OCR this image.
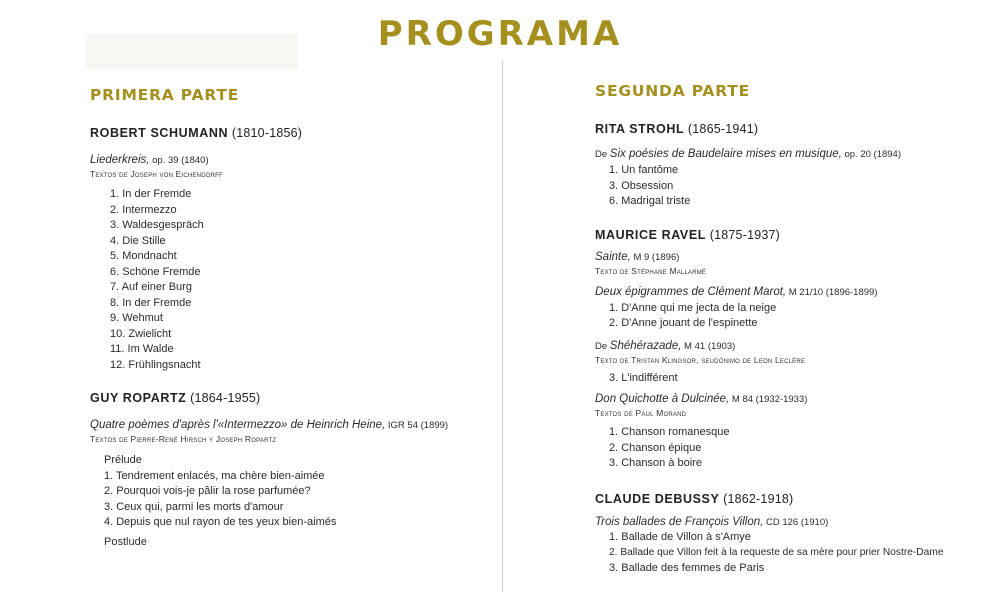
PROGRAMA
PRIMERA PARTE
ROBERT SCHUMANN (1810-1856)
Liederkreis, op. 39 (1840)
Textos de Joseph von Eichendorff
1. In der Fremde
2. Intermezzo
3. Waldesgespräch
4. Die Stille
5. Mondnacht
6. Schöne Fremde
7. Auf einer Burg
8. In der Fremde
9. Wehmut
10. Zwielicht
11. Im Walde
12. Frühlingsnacht
GUY ROPARTZ (1864-1955)
Quatre poèmes d'après l'«Intermezzo» de Heinrich Heine, IGR 54 (1899)
Textos de Pierre-René Hirsch y Joseph Ropartz
Prélude
1. Tendrement enlacés, ma chère bien-aimée
2. Pourquoi vois-je pâlir la rose parfumée?
3. Ceux qui, parmi les morts d'amour
4. Depuis que nul rayon de tes yeux bien-aimés
Postlude
SEGUNDA PARTE
RITA STROHL (1865-1941)
De Six poésies de Baudelaire mises en musique, op. 20 (1894)
1. Un fantôme
3. Obsession
6. Madrigal triste
MAURICE RAVEL (1875-1937)
Sainte, M 9 (1896)
Texto de Stéphane Mallarmé
Deux épigrammes de Clément Marot, M 21/10 (1896-1899)
1. D'Anne qui me jecta de la neige
2. D'Anne jouant de l'espinette
De Shéhérazade, M 41 (1903)
Texto de Tristan Klingsor, seudónimo de Leon Leclère
3. L'indifférent
Don Quichotte à Dulcinée, M 84 (1932-1933)
Textos de Paul Morand
1. Chanson romanesque
2. Chanson épique
3. Chanson à boire
CLAUDE DEBUSSY (1862-1918)
Trois ballades de François Villon, CD 126 (1910)
1. Ballade de Villon à s'Amye
2. Ballade que Villon feit à la requeste de sa mère pour prier Nostre-Dame
3. Ballade des femmes de Paris
